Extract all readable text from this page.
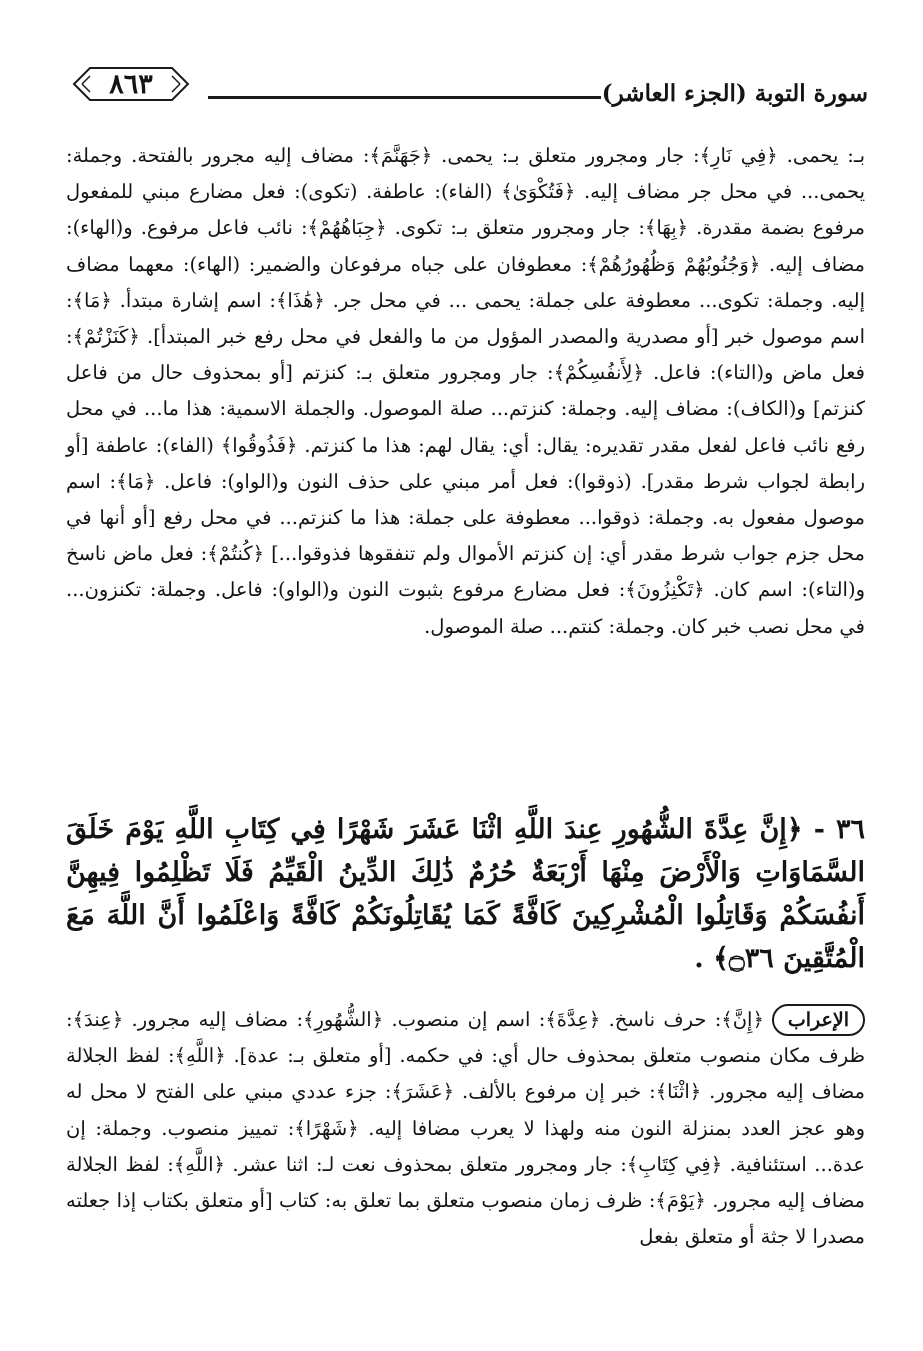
٨٦٣	سورة التوبة (الجزء العاشر)
بـ: يحمى. ﴿فِي نَارِ﴾: جار ومجرور متعلق بـ: يحمى. ﴿جَهَنَّمَ﴾: مضاف إليه مجرور بالفتحة. وجملة: يحمى... في محل جر مضاف إليه. ﴿فَتُكْوَىٰ﴾ (الفاء): عاطفة. (تكوى): فعل مضارع مبني للمفعول مرفوع بضمة مقدرة. ﴿بِهَا﴾: جار ومجرور متعلق بـ: تكوى. ﴿جِبَاهُهُمْ﴾: نائب فاعل مرفوع. و(الهاء): مضاف إليه. ﴿وَجُنُوبُهُمْ وَظُهُورُهُمْ﴾: معطوفان على جباه مرفوعان والضمير: (الهاء): معهما مضاف إليه. وجملة: تكوى... معطوفة على جملة: يحمى ... في محل جر. ﴿هَٰذَا﴾: اسم إشارة مبتدأ. ﴿مَا﴾: اسم موصول خبر [أو مصدرية والمصدر المؤول من ما والفعل في محل رفع خبر المبتدأ]. ﴿كَنَزْتُمْ﴾: فعل ماض و(التاء): فاعل. ﴿لِأَنفُسِكُمْ﴾: جار ومجرور متعلق بـ: كنزتم [أو بمحذوف حال من فاعل كنزتم] و(الكاف): مضاف إليه. وجملة: كنزتم... صلة الموصول. والجملة الاسمية: هذا ما... في محل رفع نائب فاعل لفعل مقدر تقديره: يقال: أي: يقال لهم: هذا ما كنزتم. ﴿فَذُوقُوا﴾ (الفاء): عاطفة [أو رابطة لجواب شرط مقدر]. (ذوقوا): فعل أمر مبني على حذف النون و(الواو): فاعل. ﴿مَا﴾: اسم موصول مفعول به. وجملة: ذوقوا... معطوفة على جملة: هذا ما كنزتم... في محل رفع [أو أنها في محل جزم جواب شرط مقدر أي: إن كنزتم الأموال ولم تنفقوها فذوقوا...] ﴿كُنتُمْ﴾: فعل ماض ناسخ و(التاء): اسم كان. ﴿تَكْنِزُونَ﴾: فعل مضارع مرفوع بثبوت النون و(الواو): فاعل. وجملة: تكنزون... في محل نصب خبر كان. وجملة: كنتم... صلة الموصول.
٣٦ - ﴿إِنَّ عِدَّةَ الشُّهُورِ عِندَ اللَّهِ اثْنَا عَشَرَ شَهْرًا فِي كِتَابِ اللَّهِ يَوْمَ خَلَقَ السَّمَاوَاتِ وَالْأَرْضَ مِنْهَا أَرْبَعَةٌ حُرُمٌ ذَٰلِكَ الدِّينُ الْقَيِّمُ فَلَا تَظْلِمُوا فِيهِنَّ أَنفُسَكُمْ وَقَاتِلُوا الْمُشْرِكِينَ كَافَّةً كَمَا يُقَاتِلُونَكُمْ كَافَّةً وَاعْلَمُوا أَنَّ اللَّهَ مَعَ الْمُتَّقِينَ ۝٣٦﴾ .
الإعراب
﴿إِنَّ﴾: حرف ناسخ. ﴿عِدَّةَ﴾: اسم إن منصوب. ﴿الشُّهُورِ﴾: مضاف إليه مجرور. ﴿عِندَ﴾: ظرف مكان منصوب متعلق بمحذوف حال أي: في حكمه. [أو متعلق بـ: عدة]. ﴿اللَّهِ﴾: لفظ الجلالة مضاف إليه مجرور. ﴿اثْنَا﴾: خبر إن مرفوع بالألف. ﴿عَشَرَ﴾: جزء عددي مبني على الفتح لا محل له وهو عجز العدد بمنزلة النون منه ولهذا لا يعرب مضافا إليه. ﴿شَهْرًا﴾: تمييز منصوب. وجملة: إن عدة... استئنافية. ﴿فِي كِتَابِ﴾: جار ومجرور متعلق بمحذوف نعت لـ: اثنا عشر. ﴿اللَّهِ﴾: لفظ الجلالة مضاف إليه مجرور. ﴿يَوْمَ﴾: ظرف زمان منصوب متعلق بما تعلق به: كتاب [أو متعلق بكتاب إذا جعلته مصدرا لا جثة أو متعلق بفعل
